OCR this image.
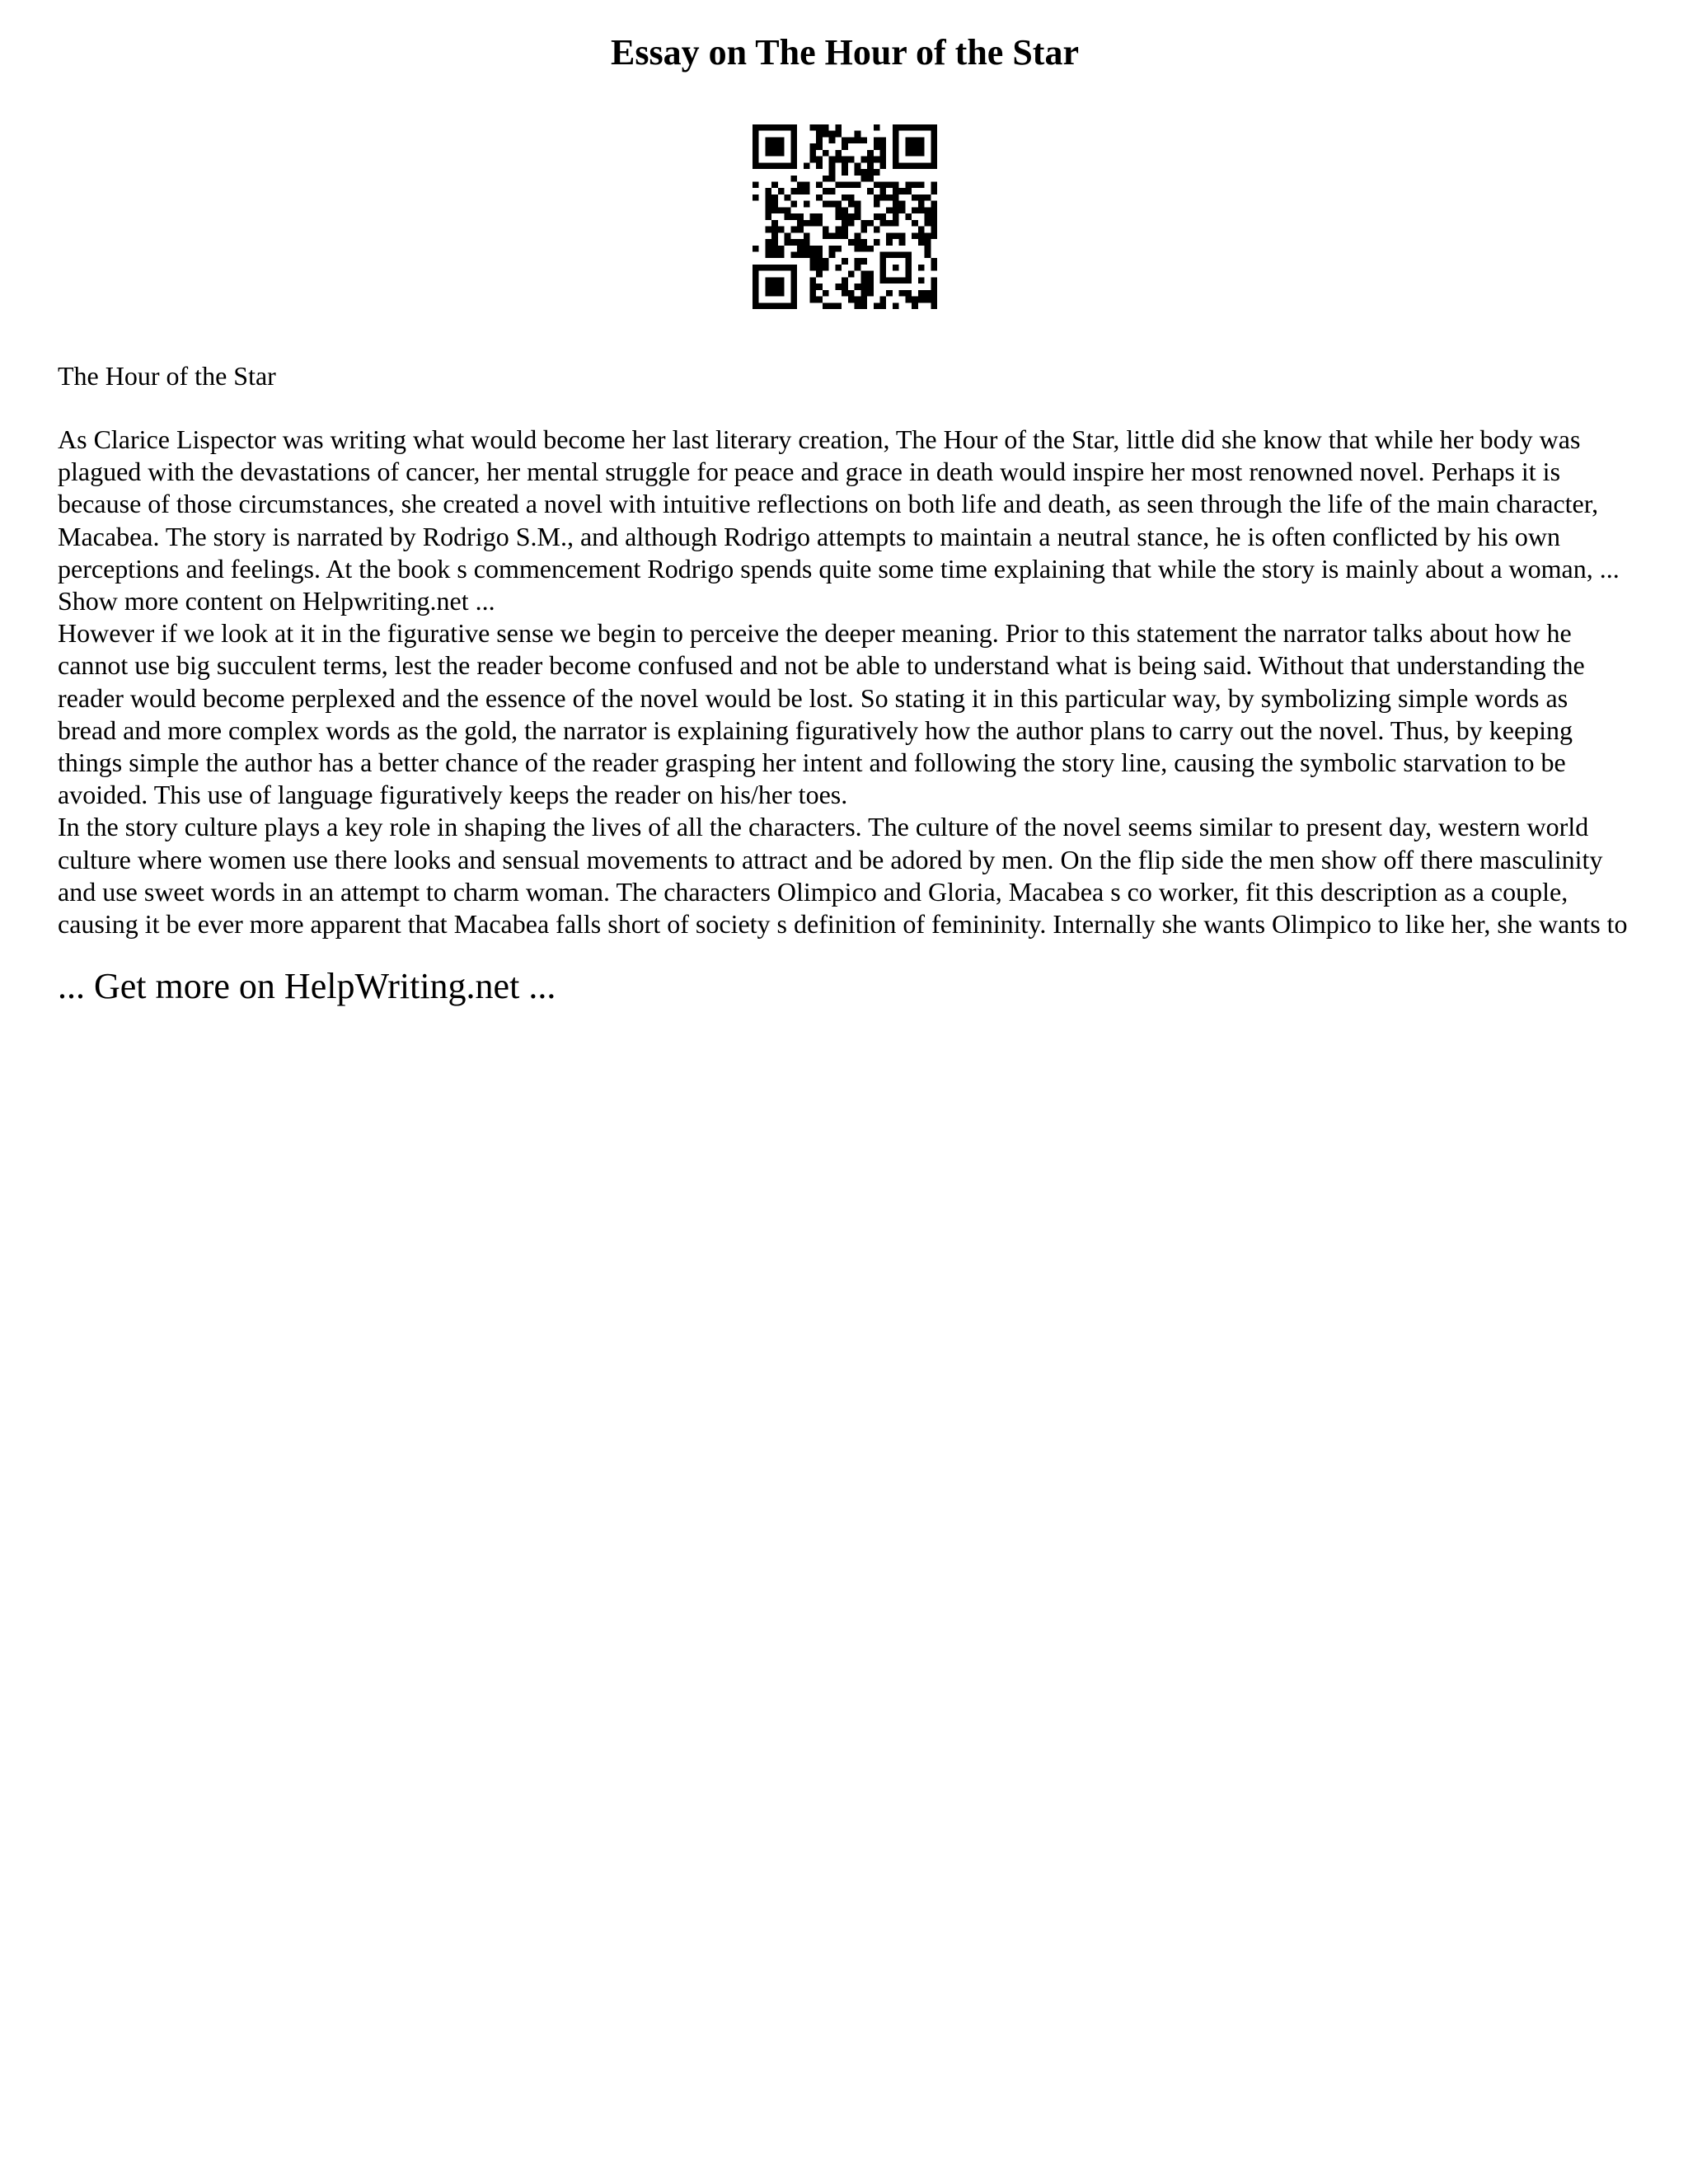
Essay on The Hour of the Star

The Hour of the Star

As Clarice Lispector was writing what would become her last literary creation, The Hour of the Star, little did she know that while her body was plagued with the devastations of cancer, her mental struggle for peace and grace in death would inspire her most renowned novel. Perhaps it is because of those circumstances, she created a novel with intuitive reflections on both life and death, as seen through the life of the main character, Macabea. The story is narrated by Rodrigo S.M., and although Rodrigo attempts to maintain a neutral stance, he is often conflicted by his own perceptions and feelings. At the book s commencement Rodrigo spends quite some time explaining that while the story is mainly about a woman, ... Show more content on Helpwriting.net ...

However if we look at it in the figurative sense we begin to perceive the deeper meaning. Prior to this statement the narrator talks about how he cannot use big succulent terms, lest the reader become confused and not be able to understand what is being said. Without that understanding the reader would become perplexed and the essence of the novel would be lost. So stating it in this particular way, by symbolizing simple words as bread and more complex words as the gold, the narrator is explaining figuratively how the author plans to carry out the novel. Thus, by keeping things simple the author has a better chance of the reader grasping her intent and following the story line, causing the symbolic starvation to be avoided. This use of language figuratively keeps the reader on his/her toes.

In the story culture plays a key role in shaping the lives of all the characters. The culture of the novel seems similar to present day, western world culture where women use there looks and sensual movements to attract and be adored by men. On the flip side the men show off there masculinity and use sweet words in an attempt to charm woman. The characters Olimpico and Gloria, Macabea s co worker, fit this description as a couple, causing it be ever more apparent that Macabea falls short of society s definition of femininity. Internally she wants Olimpico to like her, she wants to

... Get more on HelpWriting.net ...
